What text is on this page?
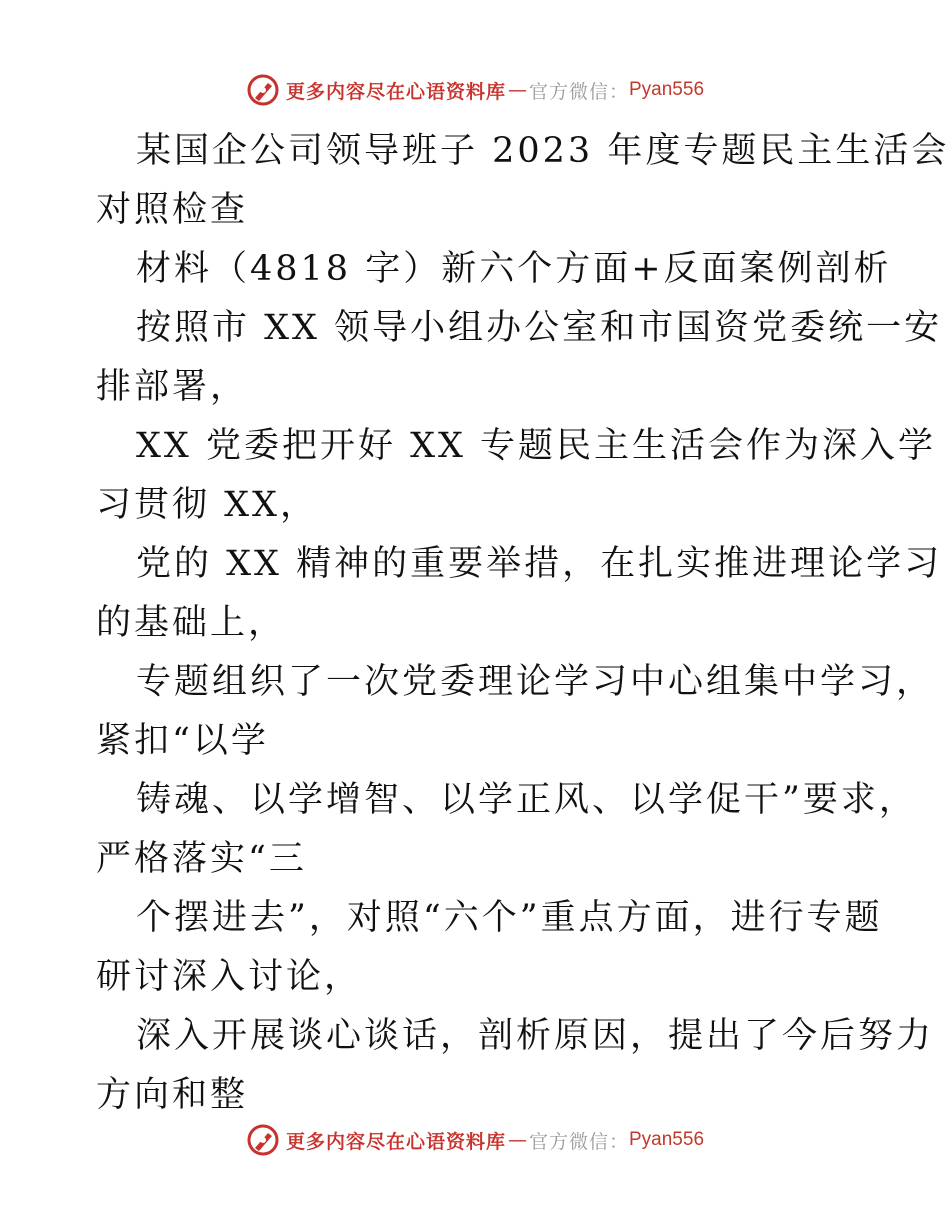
更多内容尽在心语资料库 — 官方微信： Pyan556
某国企公司领导班子 2023 年度专题民主生活会
对照检查
材料（4818 字）新六个方面+反面案例剖析
按照市 XX 领导小组办公室和市国资党委统一安
排部署，
XX 党委把开好 XX 专题民主生活会作为深入学
习贯彻 XX，
党的 XX 精神的重要举措，在扎实推进理论学习
的基础上，
专题组织了一次党委理论学习中心组集中学习，
紧扣“以学
铸魂、以学增智、以学正风、以学促干”要求，
严格落实“三
个摆进去”，对照“六个”重点方面，进行专题
研讨深入讨论，
深入开展谈心谈话，剖析原因，提出了今后努力
方向和整
更多内容尽在心语资料库 — 官方微信： Pyan556
